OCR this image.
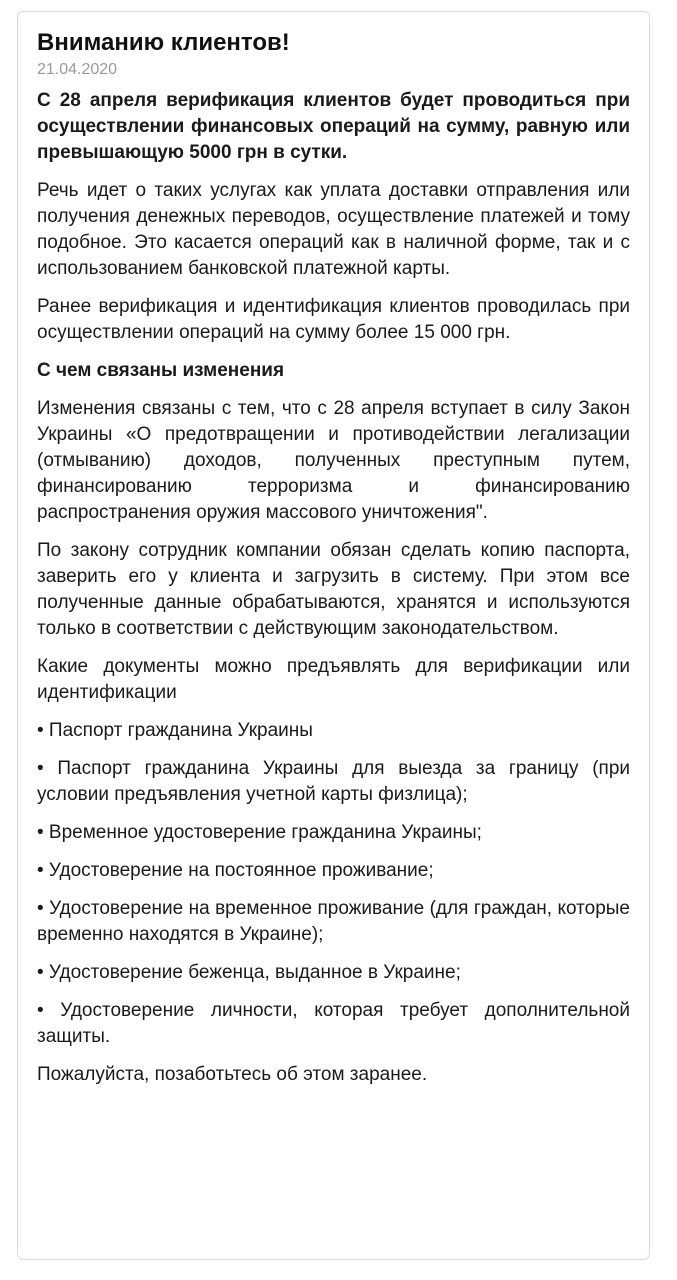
Вниманию клиентов!
21.04.2020

С 28 апреля верификация клиентов будет проводиться при осуществлении финансовых операций на сумму, равную или превышающую 5000 грн в сутки.

Речь идет о таких услугах как уплата доставки отправления или получения денежных переводов, осуществление платежей и тому подобное. Это касается операций как в наличной форме, так и с использованием банковской платежной карты.

Ранее верификация и идентификация клиентов проводилась при осуществлении операций на сумму более 15 000 грн.

С чем связаны изменения

Изменения связаны с тем, что с 28 апреля вступает в силу Закон Украины «О предотвращении и противодействии легализации (отмыванию) доходов, полученных преступным путем, финансированию терроризма и финансированию распространения оружия массового уничтожения".

По закону сотрудник компании обязан сделать копию паспорта, заверить его у клиента и загрузить в систему. При этом все полученные данные обрабатываются, хранятся и используются только в соответствии с действующим законодательством.

Какие документы можно предъявлять для верификации или идентификации

• Паспорт гражданина Украины

• Паспорт гражданина Украины для выезда за границу (при условии предъявления учетной карты физлица);

• Временное удостоверение гражданина Украины;

• Удостоверение на постоянное проживание;

• Удостоверение на временное проживание (для граждан, которые временно находятся в Украине);

• Удостоверение беженца, выданное в Украине;

• Удостоверение личности, которая требует дополнительной защиты.

Пожалуйста, позаботьтесь об этом заранее.
